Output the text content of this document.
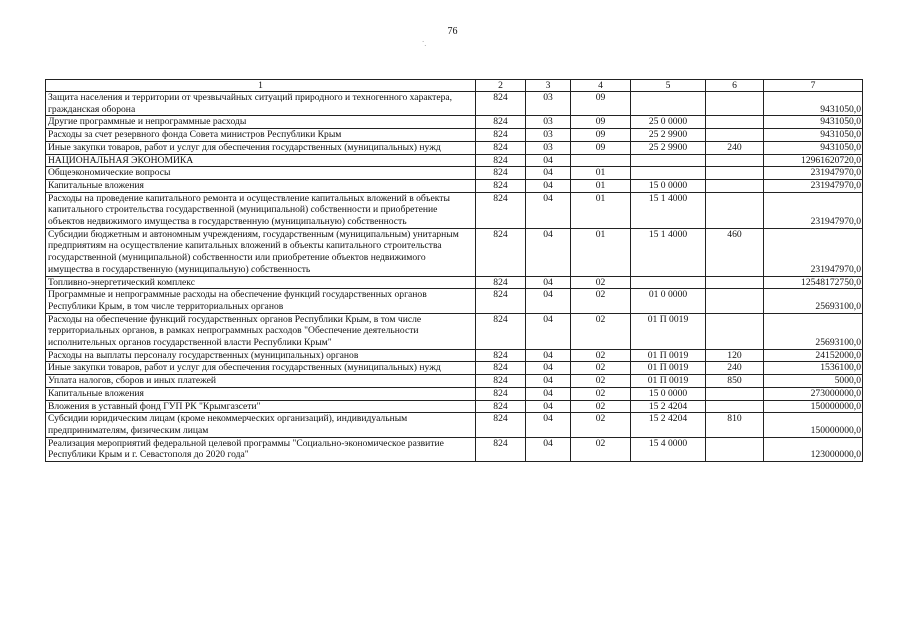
76
`.
1	2	3	4	5	6	7
Защита населения и территории от чрезвычайных ситуаций природного и техногенного характера, гражданская оборона	824	03	09			9431050,0
Другие программные и непрограммные расходы	824	03	09	25 0 0000		9431050,0
Расходы за счет резервного фонда Совета министров Республики Крым	824	03	09	25 2 9900		9431050,0
Иные закупки товаров, работ и услуг для обеспечения государственных (муниципальных) нужд	824	03	09	25 2 9900	240	9431050,0
НАЦИОНАЛЬНАЯ ЭКОНОМИКА	824	04				12961620720,0
Общеэкономические вопросы	824	04	01			231947970,0
Капитальные вложения	824	04	01	15 0 0000		231947970,0
Расходы на проведение капитального ремонта и осуществление капитальных вложений в объекты капитального строительства государственной (муниципальной) собственности и приобретение объектов недвижимого имущества в государственную (муниципальную) собственность	824	04	01	15 1 4000		231947970,0
Субсидии бюджетным и автономным учреждениям, государственным (муниципальным) унитарным предприятиям на осуществление капитальных вложений в объекты капитального строительства государственной (муниципальной) собственности или приобретение объектов недвижимого имущества в государственную (муниципальную) собственность	824	04	01	15 1 4000	460	231947970,0
Топливно-энергетический комплекс	824	04	02			12548172750,0
Программные и непрограммные расходы на обеспечение функций государственных органов Республики Крым, в том числе территориальных органов	824	04	02	01 0 0000		25693100,0
Расходы на обеспечение функций государственных органов Республики Крым, в том числе территориальных органов, в рамках непрограммных расходов "Обеспечение деятельности исполнительных органов государственной власти Республики Крым"	824	04	02	01 П 0019		25693100,0
Расходы на выплаты персоналу государственных (муниципальных) органов	824	04	02	01 П 0019	120	24152000,0
Иные закупки товаров, работ и услуг для обеспечения государственных (муниципальных) нужд	824	04	02	01 П 0019	240	1536100,0
Уплата налогов, сборов и иных платежей	824	04	02	01 П 0019	850	5000,0
Капитальные вложения	824	04	02	15 0 0000		273000000,0
Вложения в уставный фонд ГУП РК "Крымгазсети"	824	04	02	15 2 4204		150000000,0
Субсидии юридическим лицам (кроме некоммерческих организаций), индивидуальным предпринимателям, физическим лицам	824	04	02	15 2 4204	810	150000000,0
Реализация мероприятий федеральной целевой программы "Социально-экономическое развитие Республики Крым и г. Севастополя до 2020 года"	824	04	02	15 4 0000		123000000,0
